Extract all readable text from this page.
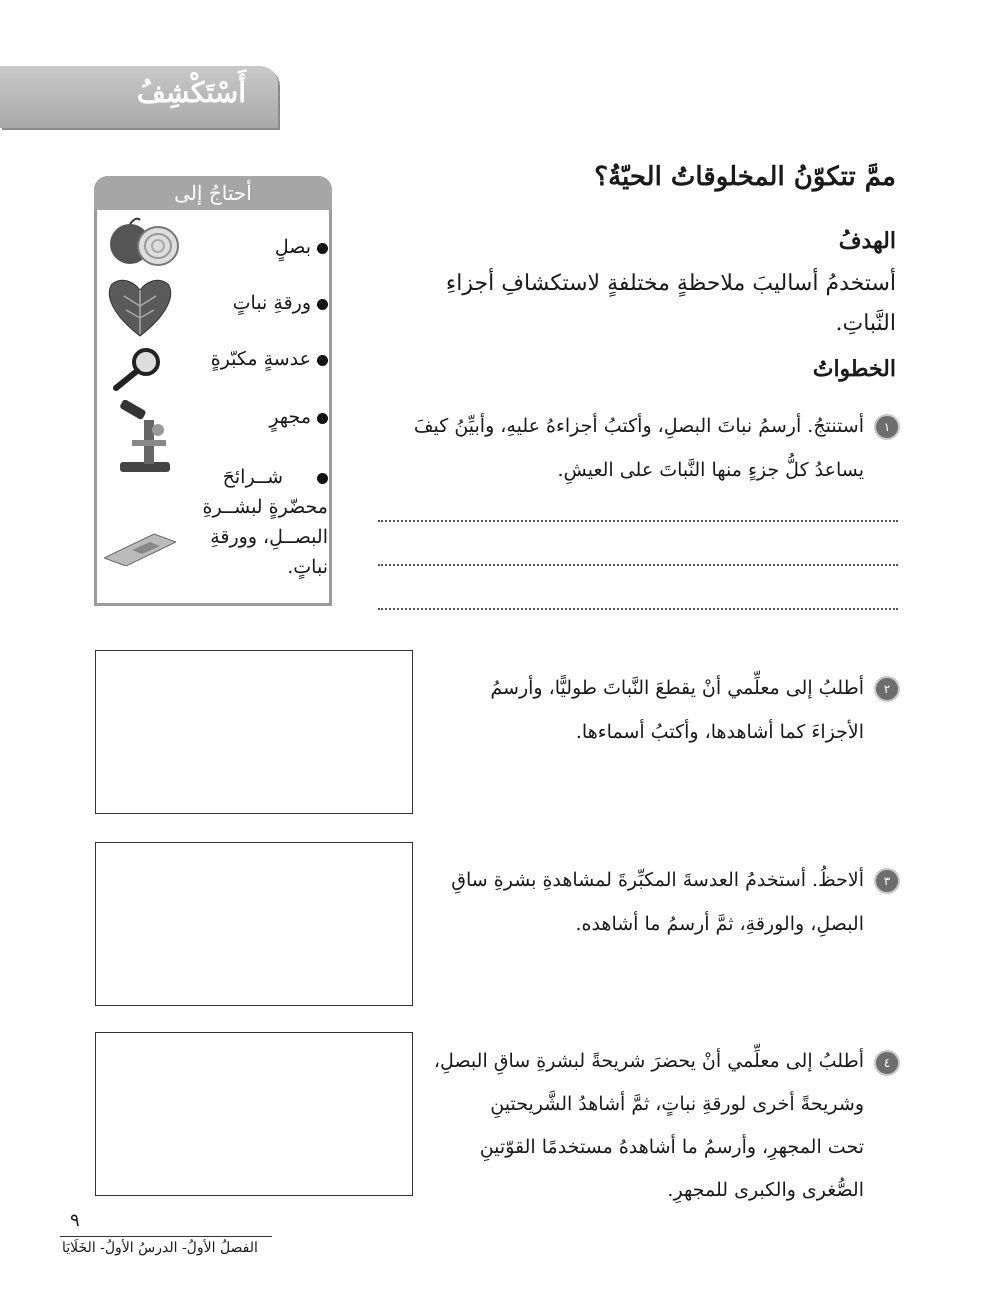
أَسْتَكْشِفُ
أحتاجُ إلى
بصلٍ
ورقةِ نباتٍ
عدسةٍ مكبّرةٍ
مجهرٍ
شــرائحَ
محضّرةٍ لبشــرةِ
البصــلِ، وورقةِ
نباتٍ.
ممَّ تتكوّنُ المخلوقاتُ الحيّةُ؟
الهدفُ
أستخدمُ أساليبَ ملاحظةٍ مختلفةٍ لاستكشافِ أجزاءِ
النَّباتِ.
الخطواتُ
١
أستنتجُ. أرسمُ نباتَ البصلِ، وأكتبُ أجزاءهُ عليهِ، وأبيِّنُ كيفَ
يساعدُ كلُّ جزءٍ منها النَّباتَ على العيشِ.
٢
أطلبُ إلى معلِّمي أنْ يقطعَ النَّباتَ طوليًّا، وأرسمُ
الأجزاءَ كما أشاهدها، وأكتبُ أسماءها.
٣
ألاحظُ. أستخدمُ العدسةَ المكبِّرةَ لمشاهدةِ بشرةِ ساقِ
البصلِ، والورقةِ، ثمَّ أرسمُ ما أشاهده.
٤
أطلبُ إلى معلِّمي أنْ يحضرَ شريحةً لبشرةِ ساقِ البصلِ،
وشريحةً أخرى لورقةِ نباتٍ، ثمَّ أشاهدُ الشَّريحتينِ
تحت المجهرِ، وأرسمُ ما أشاهدهُ مستخدمًا القوّتينِ
الصُّغرى والكبرى للمجهرِ.
٩
الفصلُ الأولُ- الدرسُ الأولُ- الخَلَايَا
